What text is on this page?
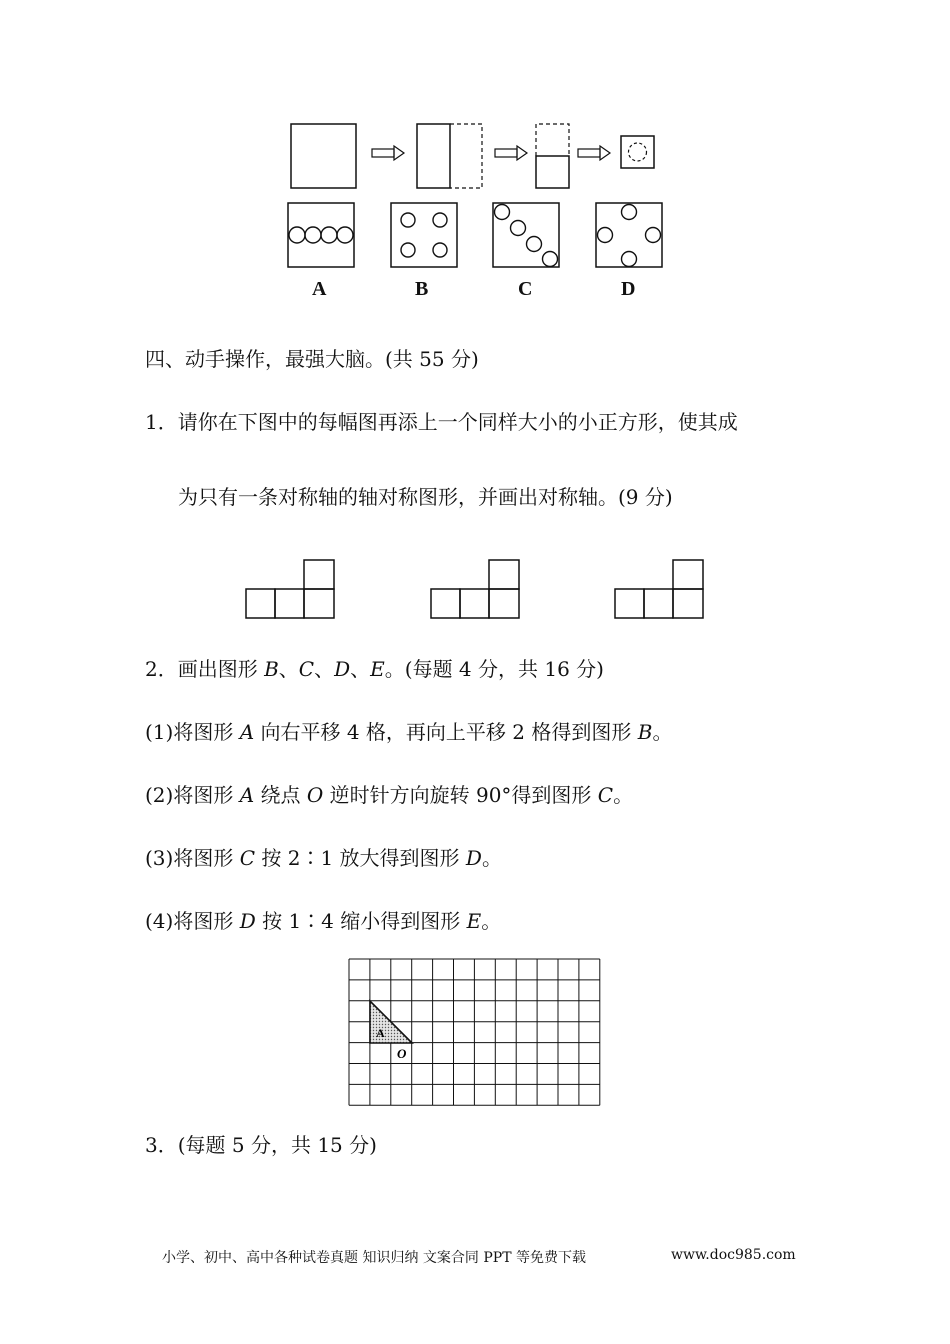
A	B	C	D
四、动手操作，最强大脑。(共 55 分)
1．请你在下图中的每幅图再添上一个同样大小的小正方形，使其成
为只有一条对称轴的轴对称图形，并画出对称轴。(9 分)
2．画出图形 B、C、D、E。(每题 4 分，共 16 分)
(1)将图形 A 向右平移 4 格，再向上平移 2 格得到图形 B。
(2)将图形 A 绕点 O 逆时针方向旋转 90°得到图形 C。
(3)将图形 C 按 2∶1 放大得到图形 D。
(4)将图形 D 按 1∶4 缩小得到图形 E。
A
O
3．(每题 5 分，共 15 分)
小学、初中、高中各种试卷真题 知识归纳 文案合同 PPT 等免费下载	www.doc985.com
